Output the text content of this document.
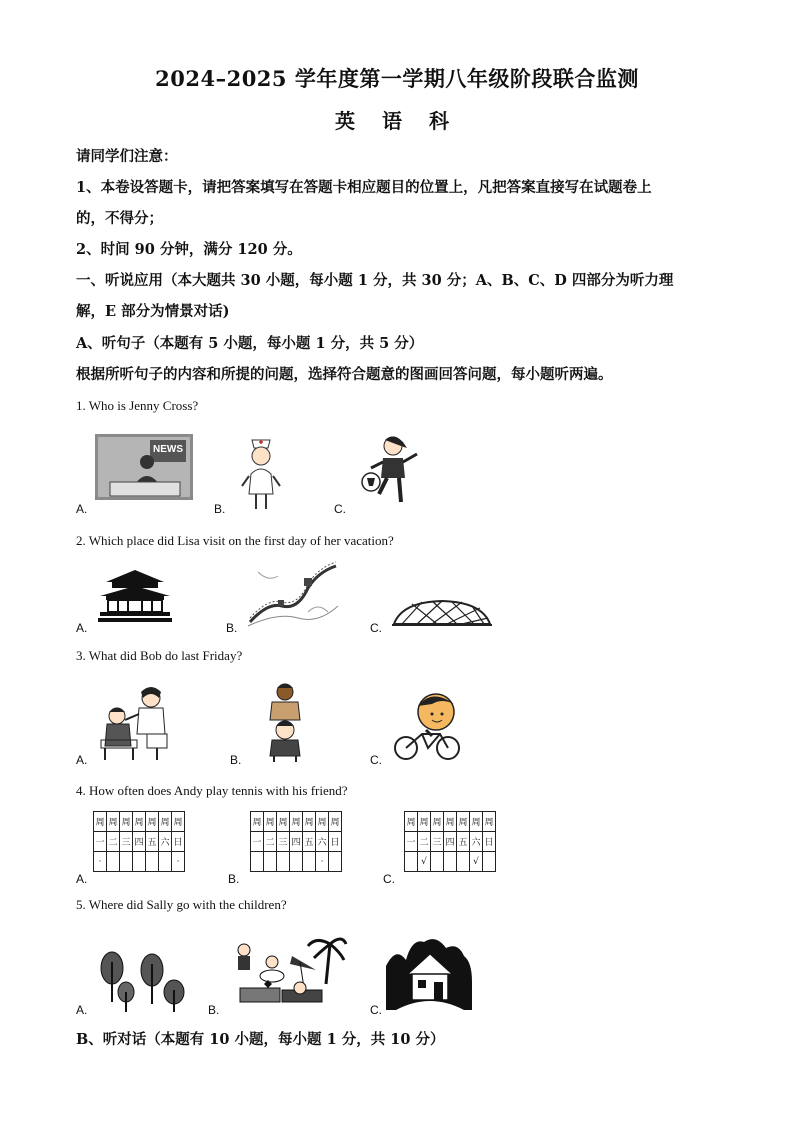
2024–2025 学年度第一学期八年级阶段联合监测
英 语 科
请同学们注意：
1、本卷设答题卡，请把答案填写在答题卡相应题目的位置上，凡把答案直接写在试题卷上
的，不得分；
2、时间 90 分钟，满分 120 分。
一、听说应用（本大题共 30 小题，每小题 1 分，共 30 分；A、B、C、D 四部分为听力理
解，E 部分为情景对话)
A、听句子（本题有 5 小题，每小题 1 分，共 5 分）
根据所听句子的内容和所提的问题，选择符合题意的图画回答问题，每小题听两遍。
1. Who is Jenny Cross?
A.	B.	C.
NEWS
2. Which place did Lisa visit on the first day of her vacation?
A.	B.	C.
3. What did Bob do last Friday?
A.	B.	C.
4. How often does Andy play tennis with his friend?
A.	B.	C.
周	周	周	周	周	周	周
一	二	三	四	五	六	日
·						·
周	周	周	周	周	周	周
一	二	三	四	五	六	日
					·	
周	周	周	周	周	周	周
一	二	三	四	五	六	日
	√				√	
5. Where did Sally go with the children?
A.	B.	C.
B、听对话（本题有 10 小题，每小题 1 分，共 10 分）
